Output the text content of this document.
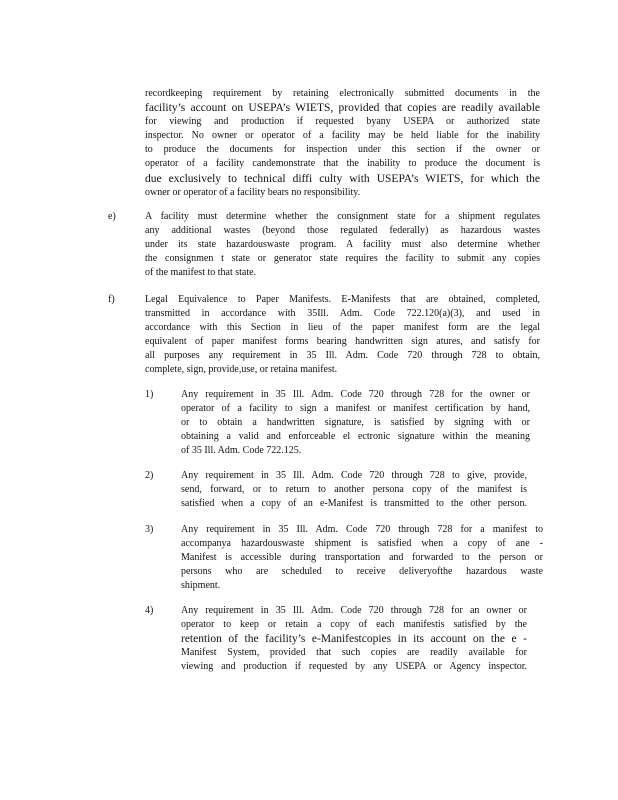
recordkeeping requirement by retaining electronically submitted documents in the
facility’s account on USEPA’s WIETS, provided that copies are readily available
for viewing and production if requested byany USEPA or authorized state
inspector. No owner or operator of a facility may be held liable for the inability
to produce the documents for inspection under this section if the owner or
operator of a facility candemonstrate that the inability to produce the document is
due exclusively to technical diffi culty with USEPA’s WIETS, for which the
owner or operator of a facility bears no responsibility.
e)	A facility must determine whether the consignment state for a shipment regulates
any additional wastes (beyond those regulated federally) as hazardous wastes
under its state hazardouswaste program. A facility must also determine whether
the consignmen t state or generator state requires the facility to submit any copies
of the manifest to that state.
f)	Legal Equivalence to Paper Manifests. E-Manifests that are obtained, completed,
transmitted in accordance with 35Ill. Adm. Code 722.120(a)(3), and used in
accordance with this Section in lieu of the paper manifest form are the legal
equivalent of paper manifest forms bearing handwritten sign atures, and satisfy for
all purposes any requirement in 35 Ill. Adm. Code 720 through 728 to obtain,
complete, sign, provide,use, or retaina manifest.
1)	Any requirement in 35 Ill. Adm. Code 720 through 728 for the owner or
operator of a facility to sign a manifest or manifest certification by hand,
or to obtain a handwritten signature, is satisfied by signing with or
obtaining a valid and enforceable el ectronic signature within the meaning
of 35 Ill. Adm. Code 722.125.
2)	Any requirement in 35 Ill. Adm. Code 720 through 728 to give, provide,
send, forward, or to return to another persona copy of the manifest is
satisfied when a copy of an e-Manifest is transmitted to the other person.
3)	Any requirement in 35 Ill. Adm. Code 720 through 728 for a manifest to
accompanya hazardouswaste shipment is satisfied when a copy of ane -
Manifest is accessible during transportation and forwarded to the person or
persons who are scheduled to receive deliveryofthe hazardous waste
shipment.
4)	Any requirement in 35 Ill. Adm. Code 720 through 728 for an owner or
operator to keep or retain a copy of each manifestis satisfied by the
retention of the facility’s e-Manifestcopies in its account on the e -
Manifest System, provided that such copies are readily available for
viewing and production if requested by any USEPA or Agency inspector.
